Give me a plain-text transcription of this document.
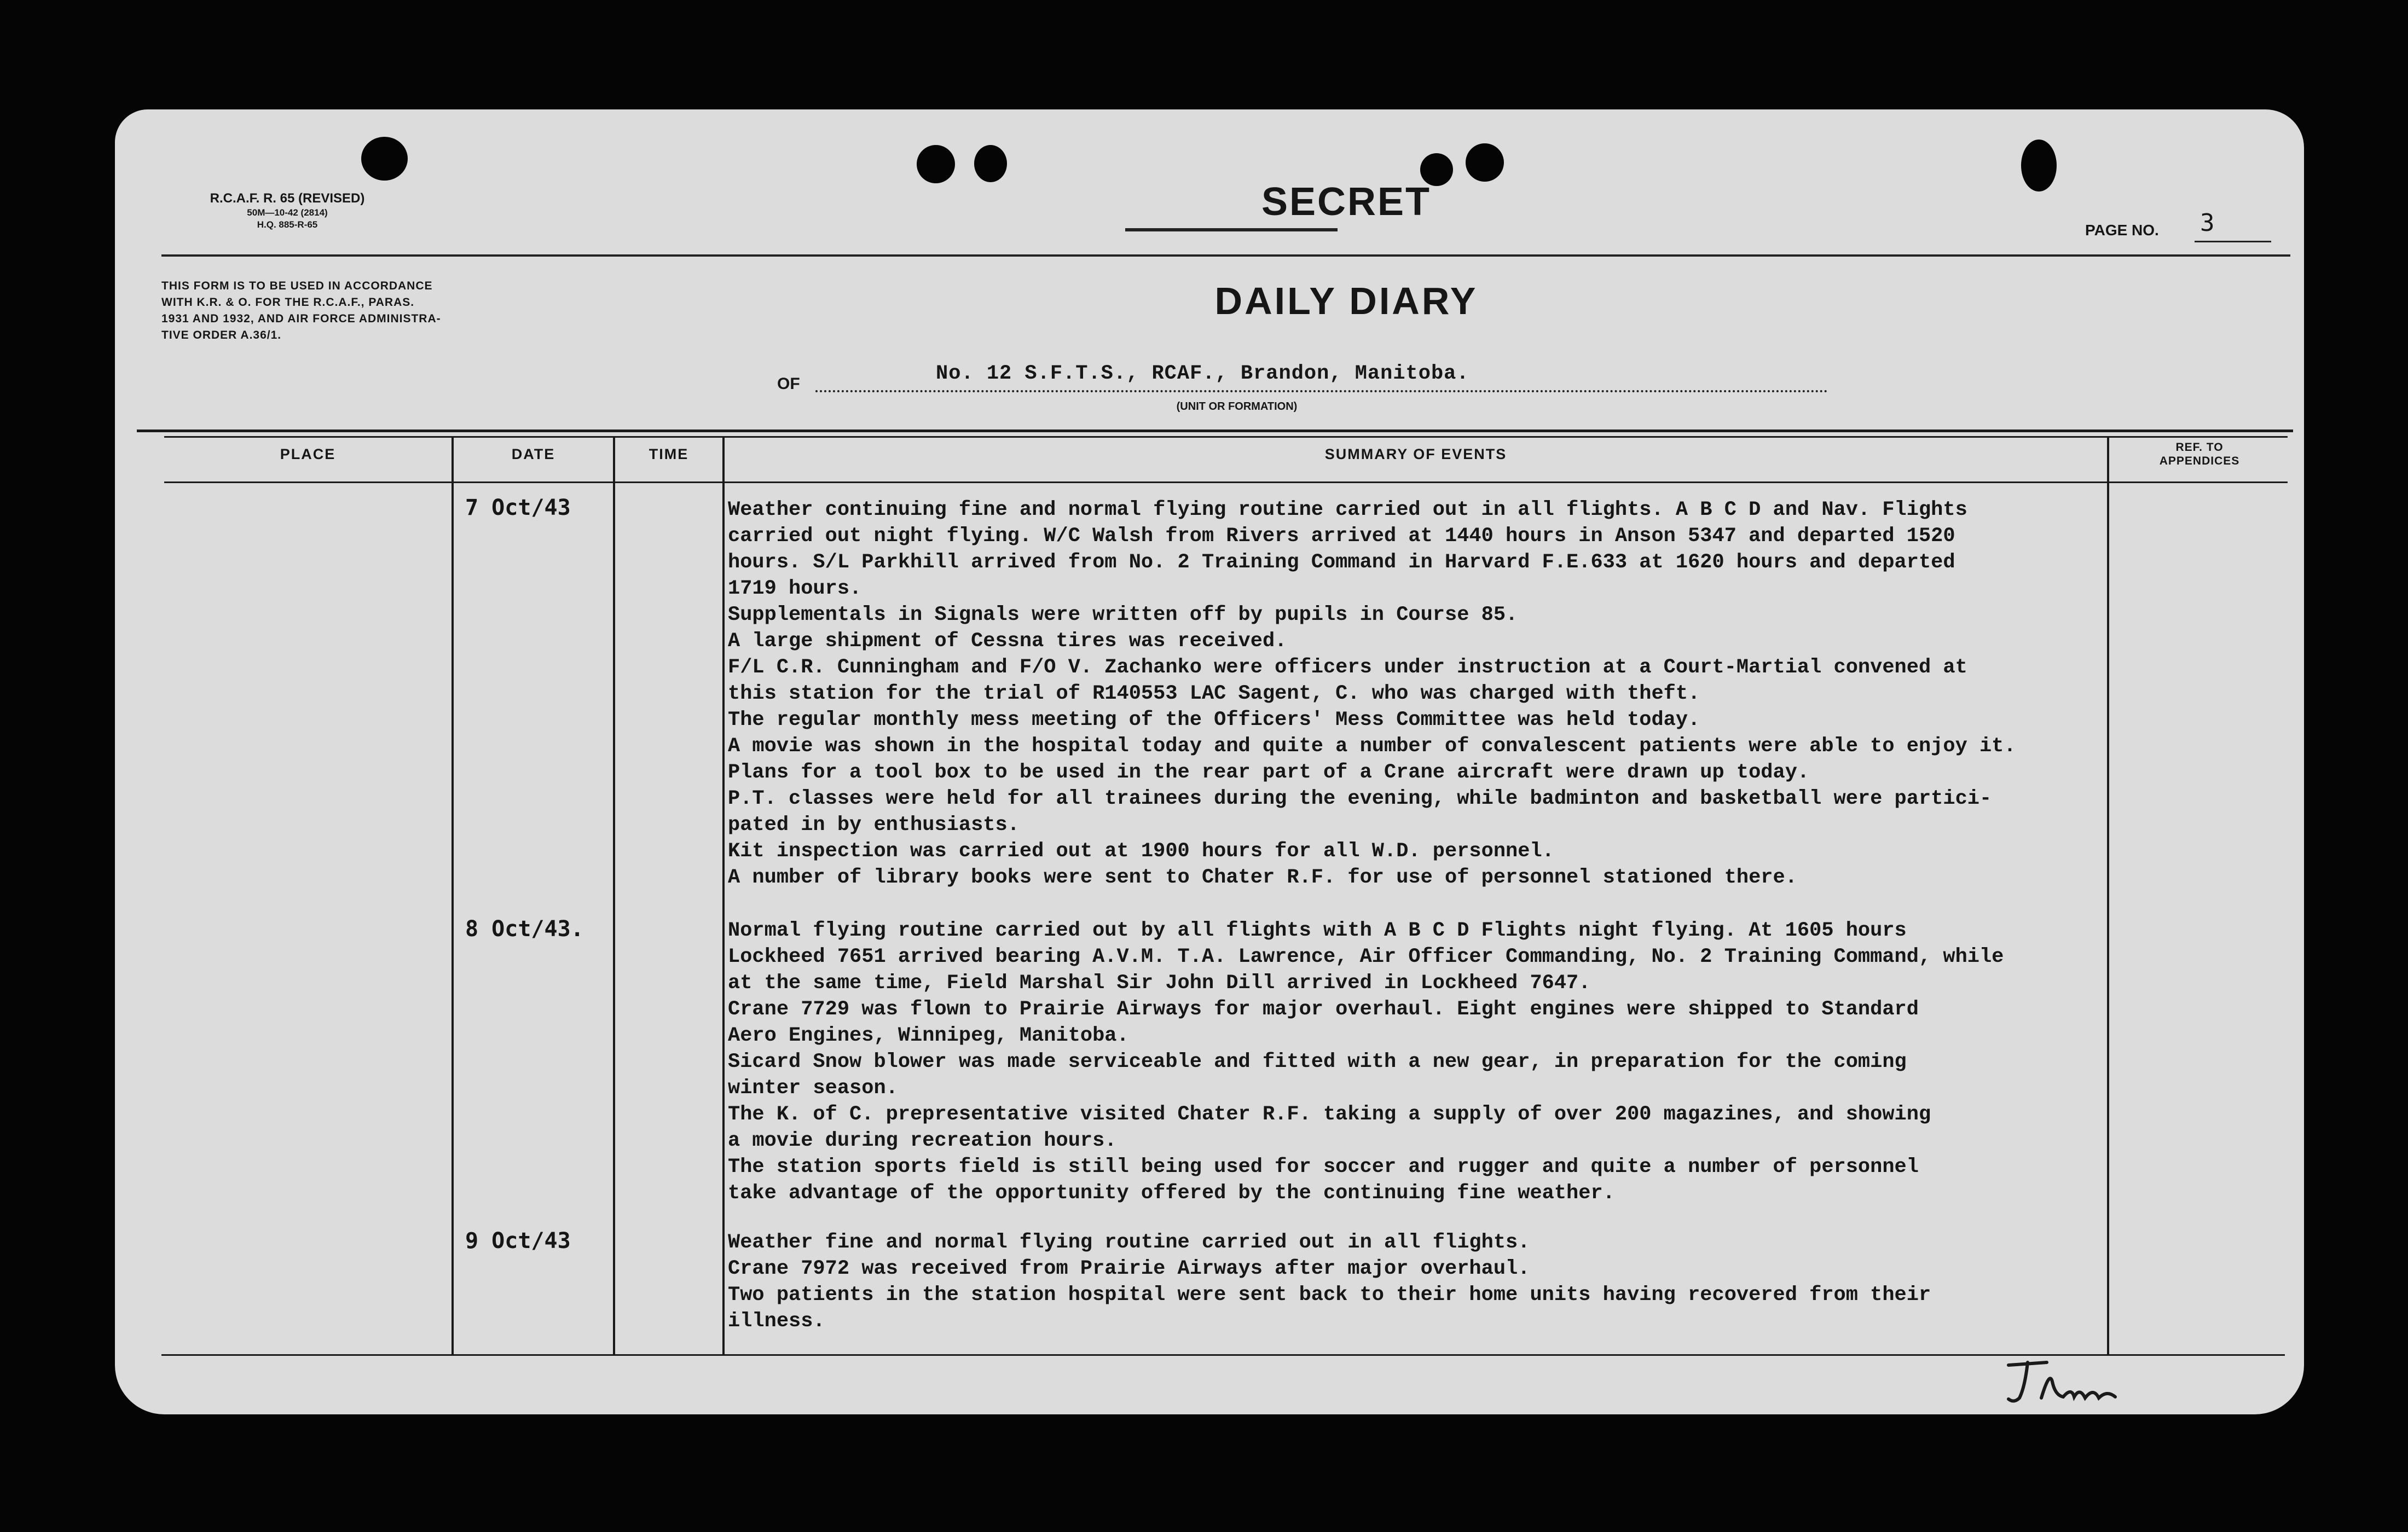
R.C.A.F. R. 65 (REVISED)
50M—10-42 (2814)
H.Q. 885-R-65
SECRET
PAGE NO. 3
THIS FORM IS TO BE USED IN ACCORDANCE
WITH K.R. & O. FOR THE R.C.A.F., PARAS.
1931 AND 1932, AND AIR FORCE ADMINISTRA-
TIVE ORDER A.36/1.
DAILY DIARY
OF	No. 12 S.F.T.S., RCAF., Brandon, Manitoba.
(UNIT OR FORMATION)
PLACE	DATE	TIME	SUMMARY OF EVENTS	REF. TO
APPENDICES
7 Oct/43	Weather continuing fine and normal flying routine carried out in all flights. A B C D and Nav. Flights
carried out night flying. W/C Walsh from Rivers arrived at 1440 hours in Anson 5347 and departed 1520
hours. S/L Parkhill arrived from No. 2 Training Command in Harvard F.E.633 at 1620 hours and departed
1719 hours.
Supplementals in Signals were written off by pupils in Course 85.
A large shipment of Cessna tires was received.
F/L C.R. Cunningham and F/O V. Zachanko were officers under instruction at a Court-Martial convened at
this station for the trial of R140553 LAC Sagent, C. who was charged with theft.
The regular monthly mess meeting of the Officers' Mess Committee was held today.
A movie was shown in the hospital today and quite a number of convalescent patients were able to enjoy it.
Plans for a tool box to be used in the rear part of a Crane aircraft were drawn up today.
P.T. classes were held for all trainees during the evening, while badminton and basketball were partici-
pated in by enthusiasts.
Kit inspection was carried out at 1900 hours for all W.D. personnel.
A number of library books were sent to Chater R.F. for use of personnel stationed there.
8 Oct/43.	Normal flying routine carried out by all flights with A B C D Flights night flying. At 1605 hours
Lockheed 7651 arrived bearing A.V.M. T.A. Lawrence, Air Officer Commanding, No. 2 Training Command, while
at the same time, Field Marshal Sir John Dill arrived in Lockheed 7647.
Crane 7729 was flown to Prairie Airways for major overhaul. Eight engines were shipped to Standard
Aero Engines, Winnipeg, Manitoba.
Sicard Snow blower was made serviceable and fitted with a new gear, in preparation for the coming
winter season.
The K. of C. prepresentative visited Chater R.F. taking a supply of over 200 magazines, and showing
a movie during recreation hours.
The station sports field is still being used for soccer and rugger and quite a number of personnel
take advantage of the opportunity offered by the continuing fine weather.
9 Oct/43	Weather fine and normal flying routine carried out in all flights.
Crane 7972 was received from Prairie Airways after major overhaul.
Two patients in the station hospital were sent back to their home units having recovered from their
illness.
